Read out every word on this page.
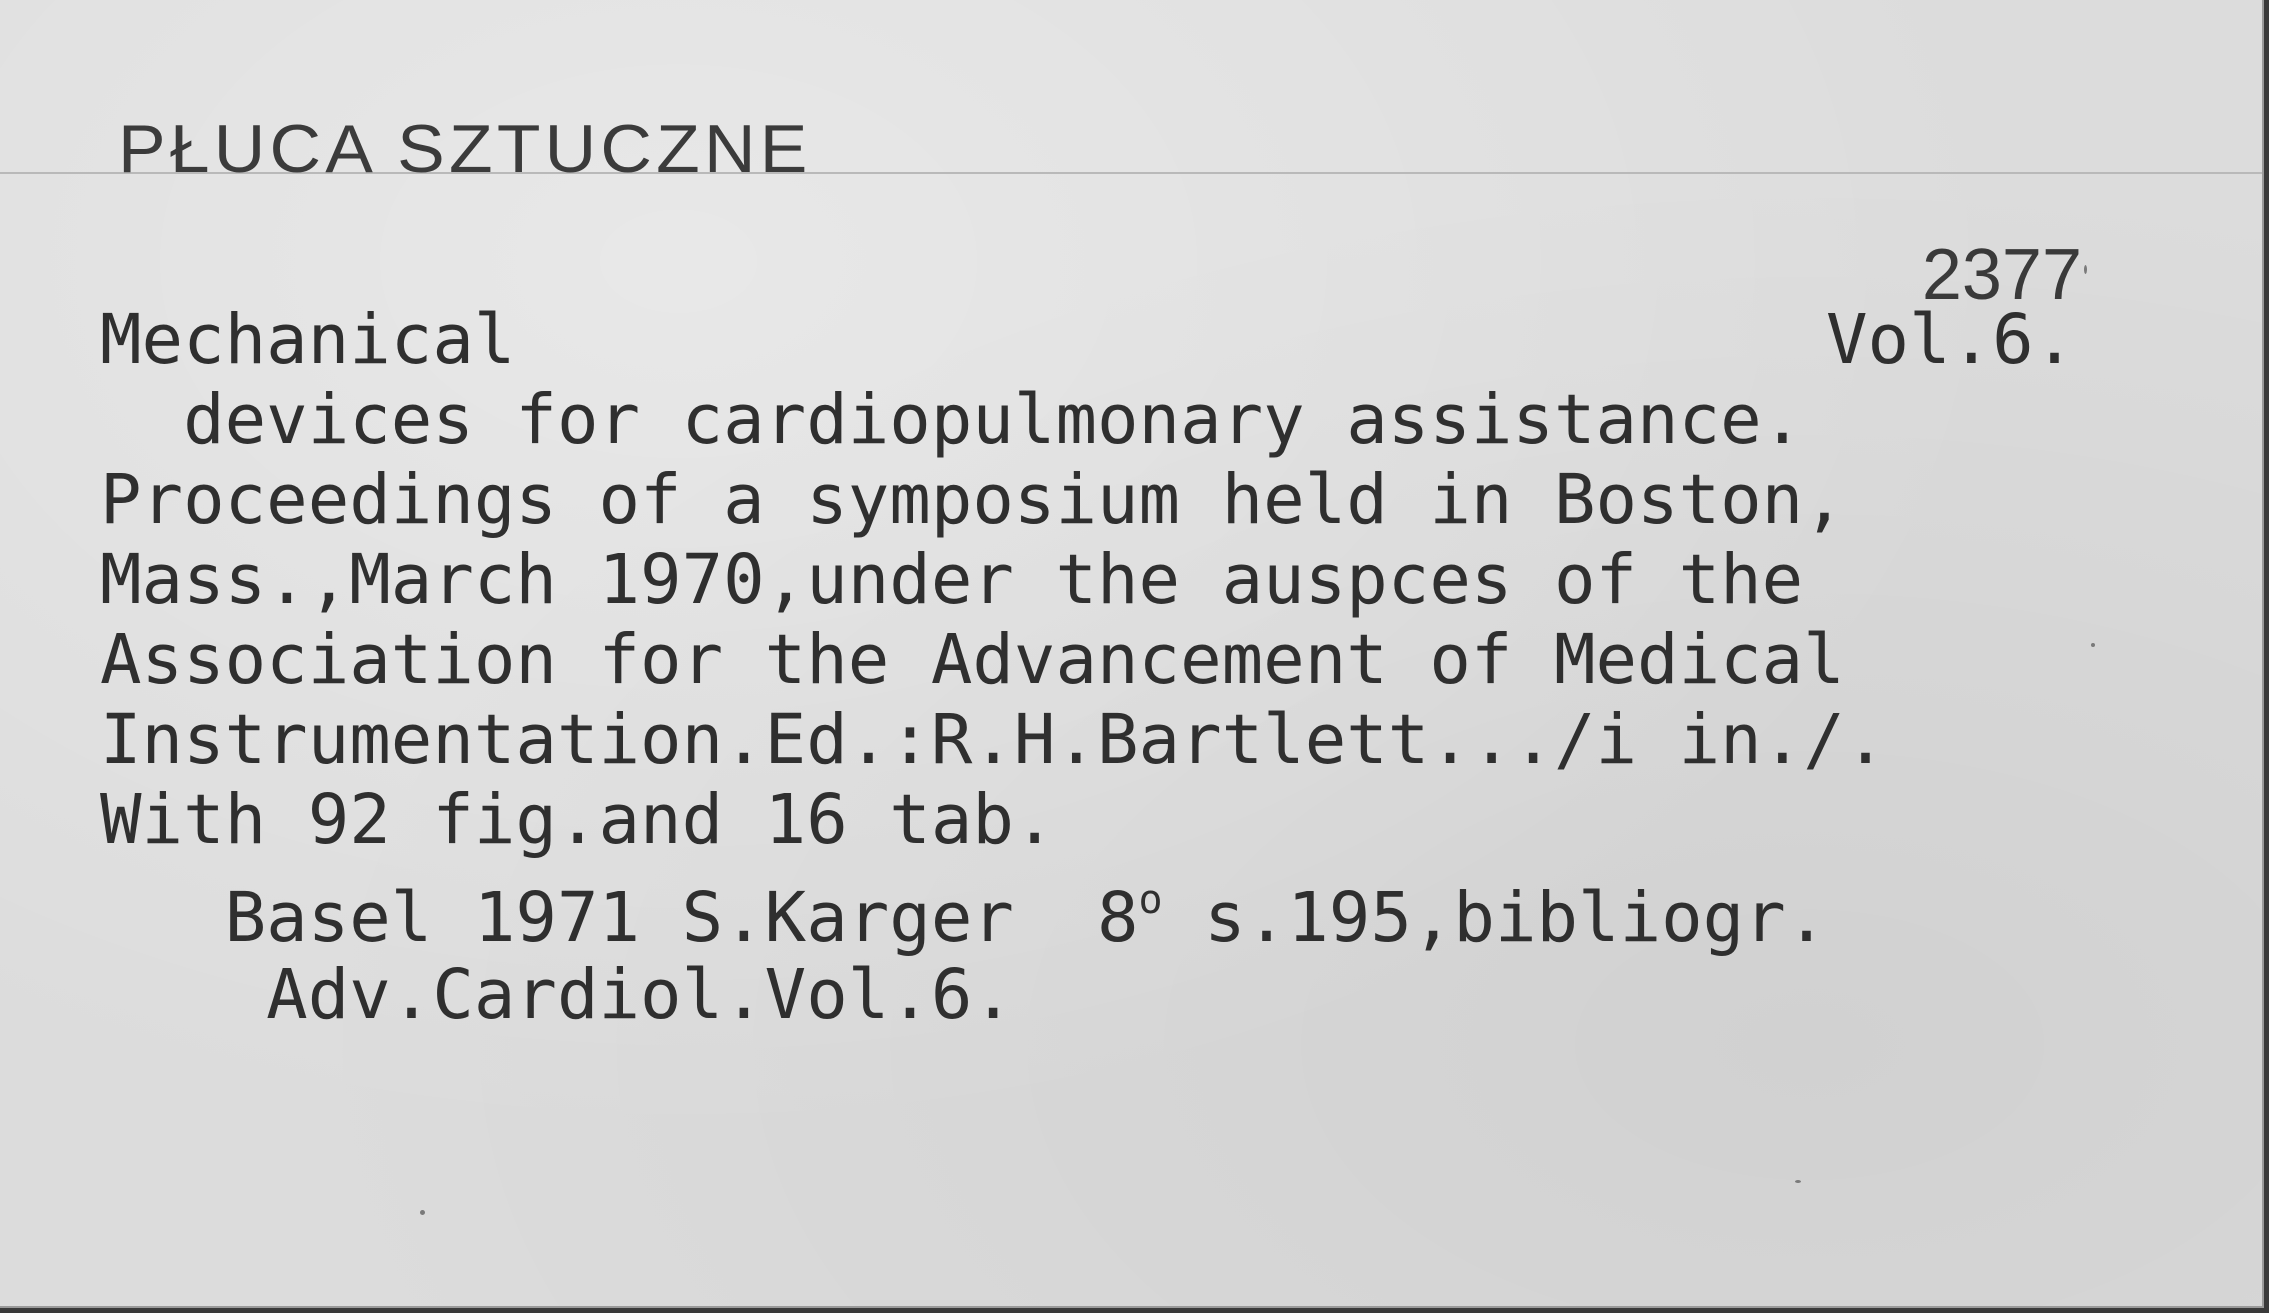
PŁUCA SZTUCZNE
2377
Mechanical	Vol.6.
devices for cardiopulmonary assistance.
Proceedings of a symposium held in Boston,
Mass.,March 1970,under the auspces of the
Association for the Advancement of Medical
Instrumentation.Ed.:R.H.Bartlett.../i in./.
With 92 fig.and 16 tab.
Basel 1971 S.Karger  8$^o$ s.195,bibliogr.
Adv.Cardiol.Vol.6.
